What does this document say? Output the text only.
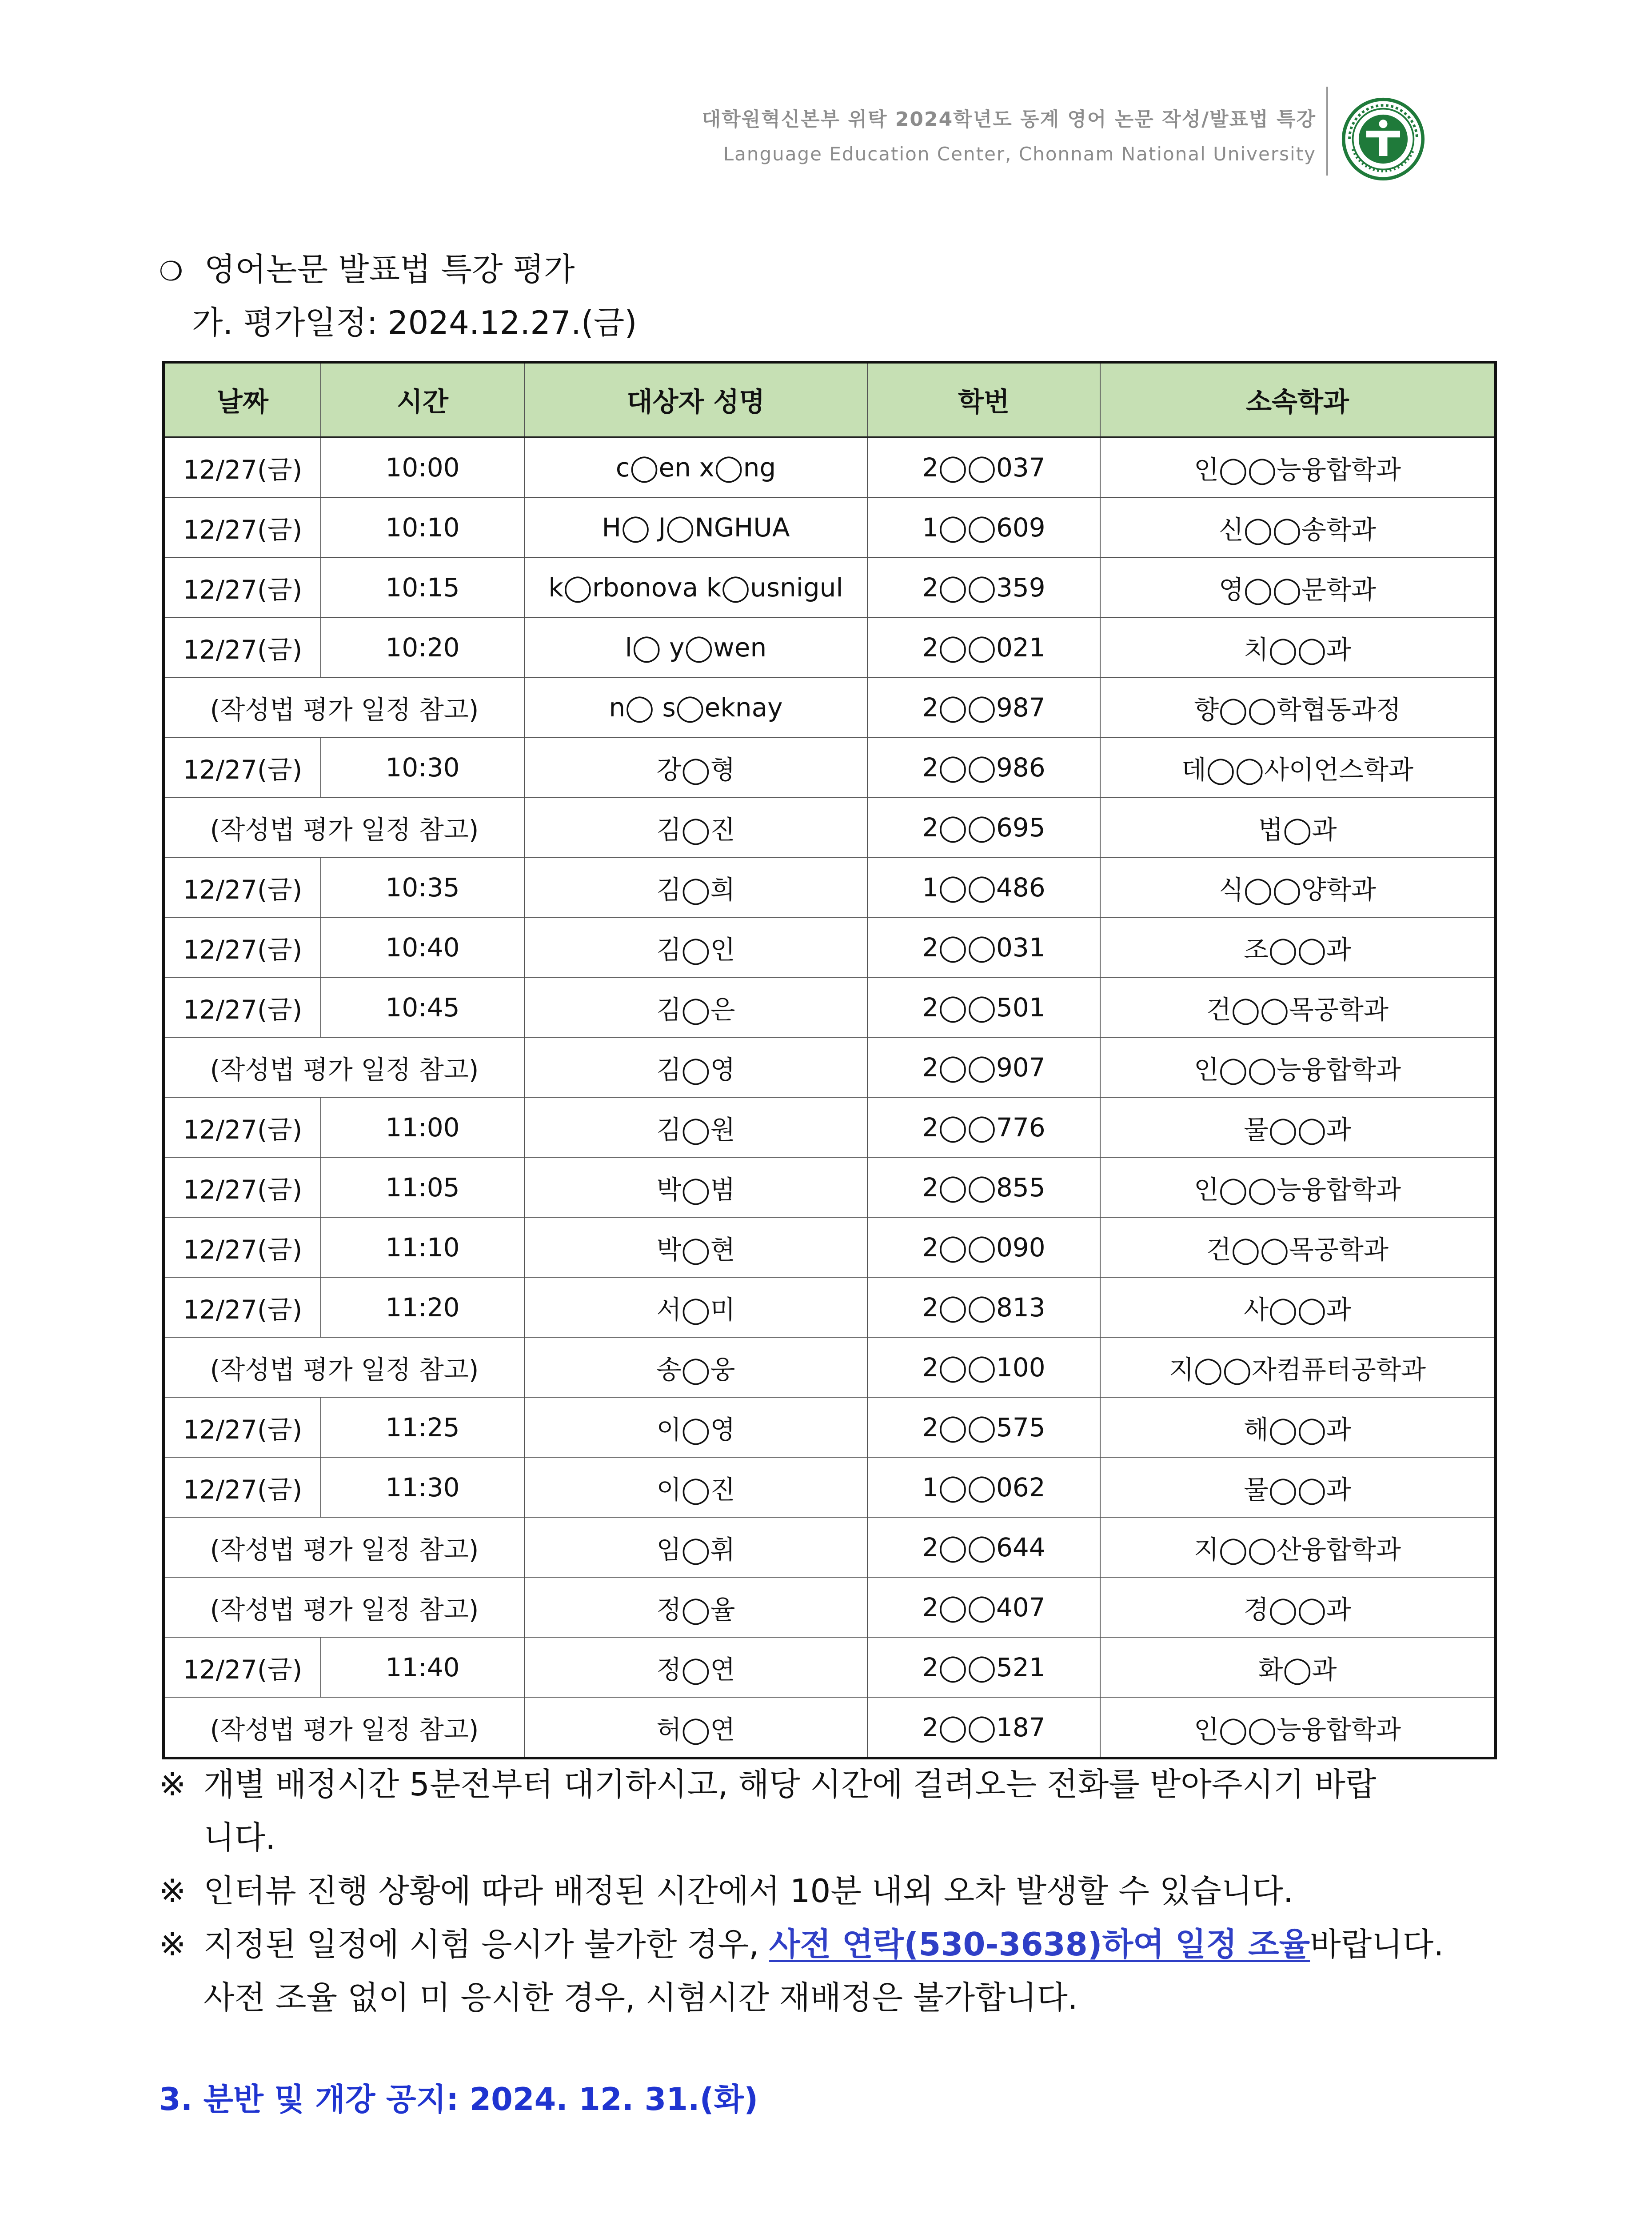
대학원혁신본부 위탁 2024학년도 동계 영어 논문 작성/발표법 특강
Language Education Center, Chonnam National University
❍ 영어논문 발표법 특강 평가
가. 평가일정: 2024.12.27.(금)
날짜	시간	대상자 성명	학번	소속학과
12/27(금)	10:00	c◯en x◯ng	2◯◯037	인◯◯능융합학과
12/27(금)	10:10	H◯ J◯NGHUA	1◯◯609	신◯◯송학과
12/27(금)	10:15	k◯rbonova k◯usnigul	2◯◯359	영◯◯문학과
12/27(금)	10:20	l◯ y◯wen	2◯◯021	치◯◯과
(작성법 평가 일정 참고)		n◯ s◯eknay	2◯◯987	향◯◯학협동과정
12/27(금)	10:30	강◯형	2◯◯986	데◯◯사이언스학과
(작성법 평가 일정 참고)		김◯진	2◯◯695	법◯과
12/27(금)	10:35	김◯희	1◯◯486	식◯◯양학과
12/27(금)	10:40	김◯인	2◯◯031	조◯◯과
12/27(금)	10:45	김◯은	2◯◯501	건◯◯목공학과
(작성법 평가 일정 참고)		김◯영	2◯◯907	인◯◯능융합학과
12/27(금)	11:00	김◯원	2◯◯776	물◯◯과
12/27(금)	11:05	박◯범	2◯◯855	인◯◯능융합학과
12/27(금)	11:10	박◯현	2◯◯090	건◯◯목공학과
12/27(금)	11:20	서◯미	2◯◯813	사◯◯과
(작성법 평가 일정 참고)		송◯웅	2◯◯100	지◯◯자컴퓨터공학과
12/27(금)	11:25	이◯영	2◯◯575	해◯◯과
12/27(금)	11:30	이◯진	1◯◯062	물◯◯과
(작성법 평가 일정 참고)		임◯휘	2◯◯644	지◯◯산융합학과
(작성법 평가 일정 참고)		정◯율	2◯◯407	경◯◯과
12/27(금)	11:40	정◯연	2◯◯521	화◯과
(작성법 평가 일정 참고)		허◯연	2◯◯187	인◯◯능융합학과
※ 개별 배정시간 5분전부터 대기하시고, 해당 시간에 걸려오는 전화를 받아주시기 바랍
니다.
※ 인터뷰 진행 상황에 따라 배정된 시간에서 10분 내외 오차 발생할 수 있습니다.
※ 지정된 일정에 시험 응시가 불가한 경우, 사전 연락(530-3638)하여 일정 조율바랍니다.
사전 조율 없이 미 응시한 경우, 시험시간 재배정은 불가합니다.
3. 분반 및 개강 공지: 2024. 12. 31.(화)
